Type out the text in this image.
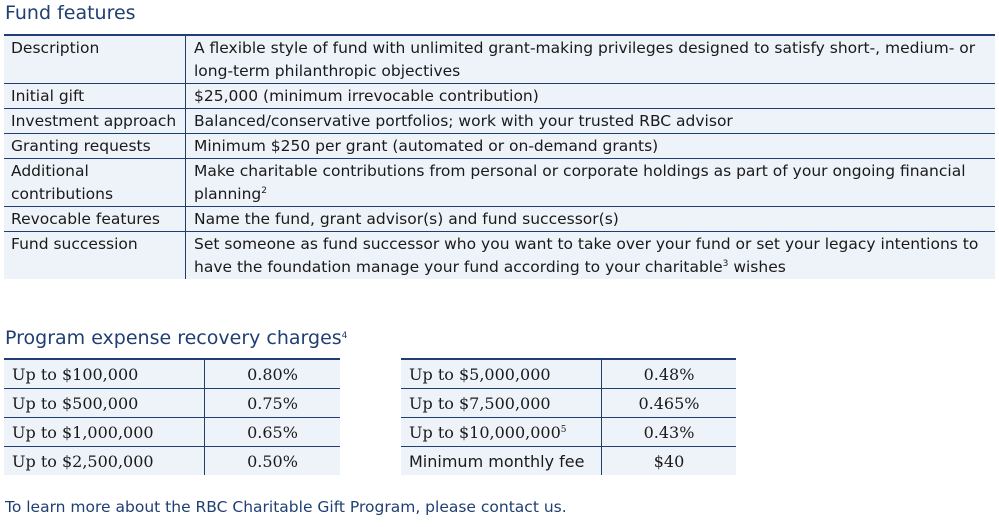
Fund features
Description	A flexible style of fund with unlimited grant-making privileges designed to satisfy short-, medium- or long-term philanthropic objectives
Initial gift	$25,000 (minimum irrevocable contribution)
Investment approach	Balanced/conservative portfolios; work with your trusted RBC advisor
Granting requests	Minimum $250 per grant (automated or on-demand grants)
Additional contributions	Make charitable contributions from personal or corporate holdings as part of your ongoing financial planning$^2$
Revocable features	Name the fund, grant advisor(s) and fund successor(s)
Fund succession	Set someone as fund successor who you want to take over your fund or set your legacy intentions to have the foundation manage your fund according to your charitable$^3$ wishes
Program expense recovery charges$^4$
Up to $100,000	0.80%
Up to $500,000	0.75%
Up to $1,000,000	0.65%
Up to $2,500,000	0.50%
Up to $5,000,000	0.48%
Up to $7,500,000	0.465%
Up to $10,000,000$^5$	0.43%
Minimum monthly fee	$40

To learn more about the RBC Charitable Gift Program, please contact us.
